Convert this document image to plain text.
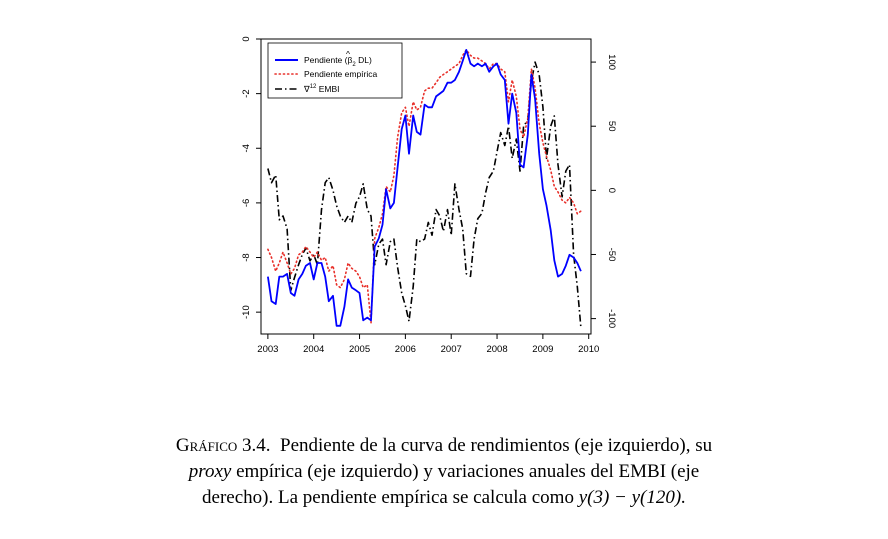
2003	2004	2005	2006	2007	2008	2009	2010
0
-2
-4
-6
-8
-10
100
50
0
-50
-100
Pendiente ($\beta_2$ DL)
^
Pendiente empírica
∇$^{12}$ EMBI
Gráfico 3.4. Pendiente de la curva de rendimientos (eje izquierdo), su
proxy empírica (eje izquierdo) y variaciones anuales del EMBI (eje
derecho). La pendiente empírica se calcula como y(3) − y(120).
